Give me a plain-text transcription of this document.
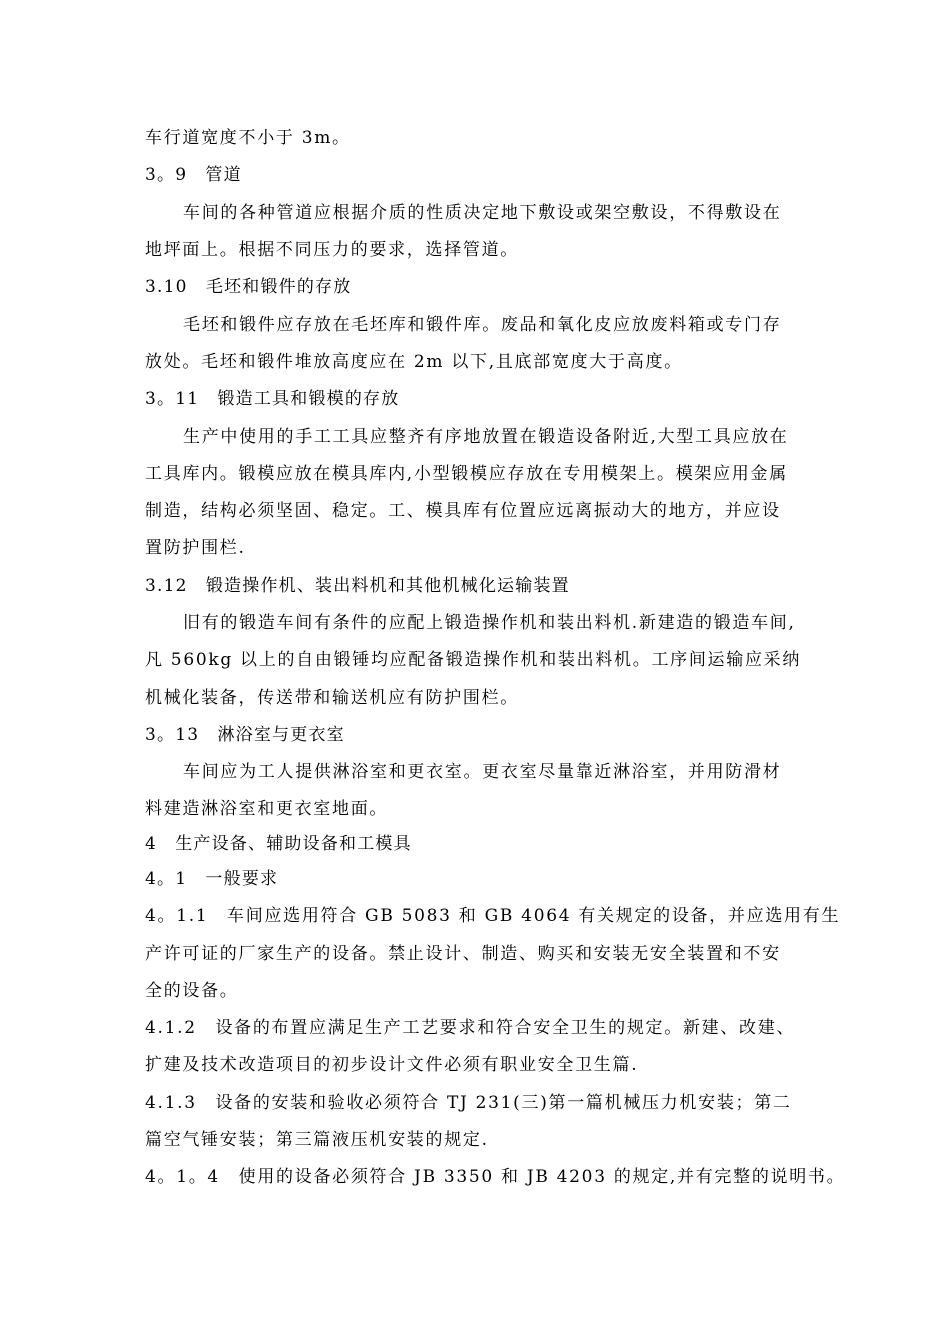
车行道宽度不小于 3m。
3。9　管道
车间的各种管道应根据介质的性质决定地下敷设或架空敷设，不得敷设在
地坪面上。根据不同压力的要求，选择管道。
3.10　毛坯和锻件的存放
毛坯和锻件应存放在毛坯库和锻件库。废品和氧化皮应放废料箱或专门存
放处。毛坯和锻件堆放高度应在 2m 以下,且底部宽度大于高度。
3。11　锻造工具和锻模的存放
生产中使用的手工工具应整齐有序地放置在锻造设备附近,大型工具应放在
工具库内。锻模应放在模具库内,小型锻模应存放在专用模架上。模架应用金属
制造，结构必须坚固、稳定。工、模具库有位置应远离振动大的地方，并应设
置防护围栏.
3.12　锻造操作机、装出料机和其他机械化运输装置
旧有的锻造车间有条件的应配上锻造操作机和装出料机.新建造的锻造车间,
凡 560kg 以上的自由锻锤均应配备锻造操作机和装出料机。工序间运输应采纳
机械化装备，传送带和输送机应有防护围栏。
3。13　淋浴室与更衣室
车间应为工人提供淋浴室和更衣室。更衣室尽量靠近淋浴室，并用防滑材
料建造淋浴室和更衣室地面。
4　生产设备、辅助设备和工模具
4。1　一般要求
4。1.1　车间应选用符合 GB 5083 和 GB 4064 有关规定的设备，并应选用有生
产许可证的厂家生产的设备。禁止设计、制造、购买和安装无安全装置和不安
全的设备。
4.1.2　设备的布置应满足生产工艺要求和符合安全卫生的规定。新建、改建、
扩建及技术改造项目的初步设计文件必须有职业安全卫生篇.
4.1.3　设备的安装和验收必须符合 TJ 231(三)第一篇机械压力机安装；第二
篇空气锤安装；第三篇液压机安装的规定.
4。1。4　使用的设备必须符合 JB 3350 和 JB 4203 的规定,并有完整的说明书。
